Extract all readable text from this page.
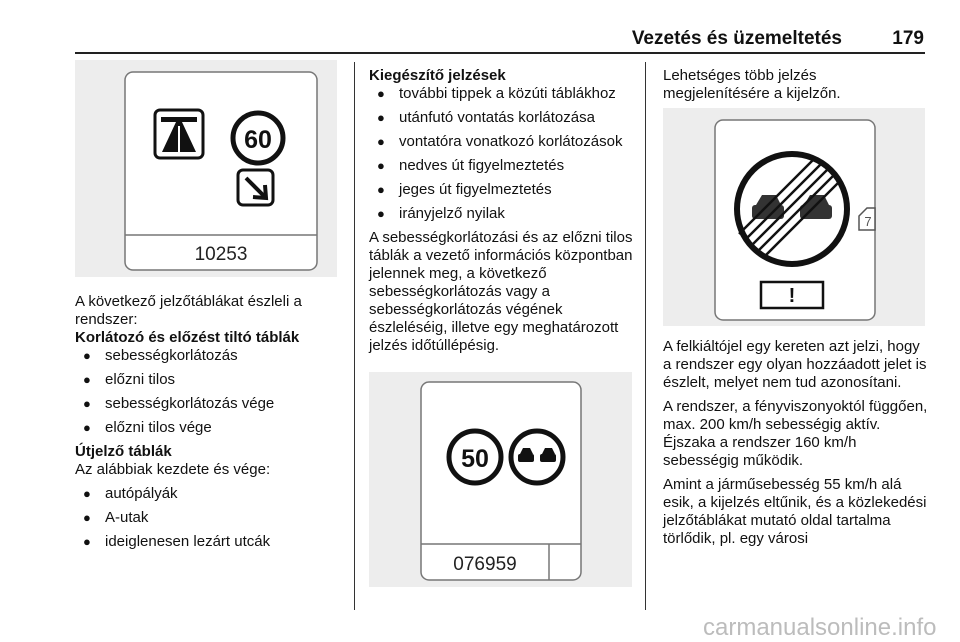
Vezetés és üzemeltetés	179
60
10253

A következő jelzőtáblákat észleli a rendszer:

Korlátozó és előzést tiltó táblák

● sebességkorlátozás
● előzni tilos
● sebességkorlátozás vége
● előzni tilos vége

Útjelző táblák

Az alábbiak kezdete és vége:

● autópályák
● A-utak
● ideiglenesen lezárt utcák

Kiegészítő jelzések

● további tippek a közúti táblákhoz
● utánfutó vontatás korlátozása
● vontatóra vonatkozó korlátozások
● nedves út figyelmeztetés
● jeges út figyelmeztetés
● irányjelző nyilak

A sebességkorlátozási és az előzni tilos táblák a vezető információs központban jelennek meg, a következő sebességkorlátozás vagy a sebességkorlátozás végének észleléséig, illetve egy meghatározott jelzés időtúllépésig.

50
076959

Lehetséges több jelzés megjelenítésére a kijelzőn.

!
7

A felkiáltójel egy kereten azt jelzi, hogy a rendszer egy olyan hozzáadott jelet is észlelt, melyet nem tud azonosítani.

A rendszer, a fényviszonyoktól függően, max. 200 km/h sebességig aktív. Éjszaka a rendszer 160 km/h sebességig működik.

Amint a járműsebesség 55 km/h alá esik, a kijelzés eltűnik, és a közlekedési jelzőtáblákat mutató oldal tartalma törlődik, pl. egy városi

carmanualsonline.info
